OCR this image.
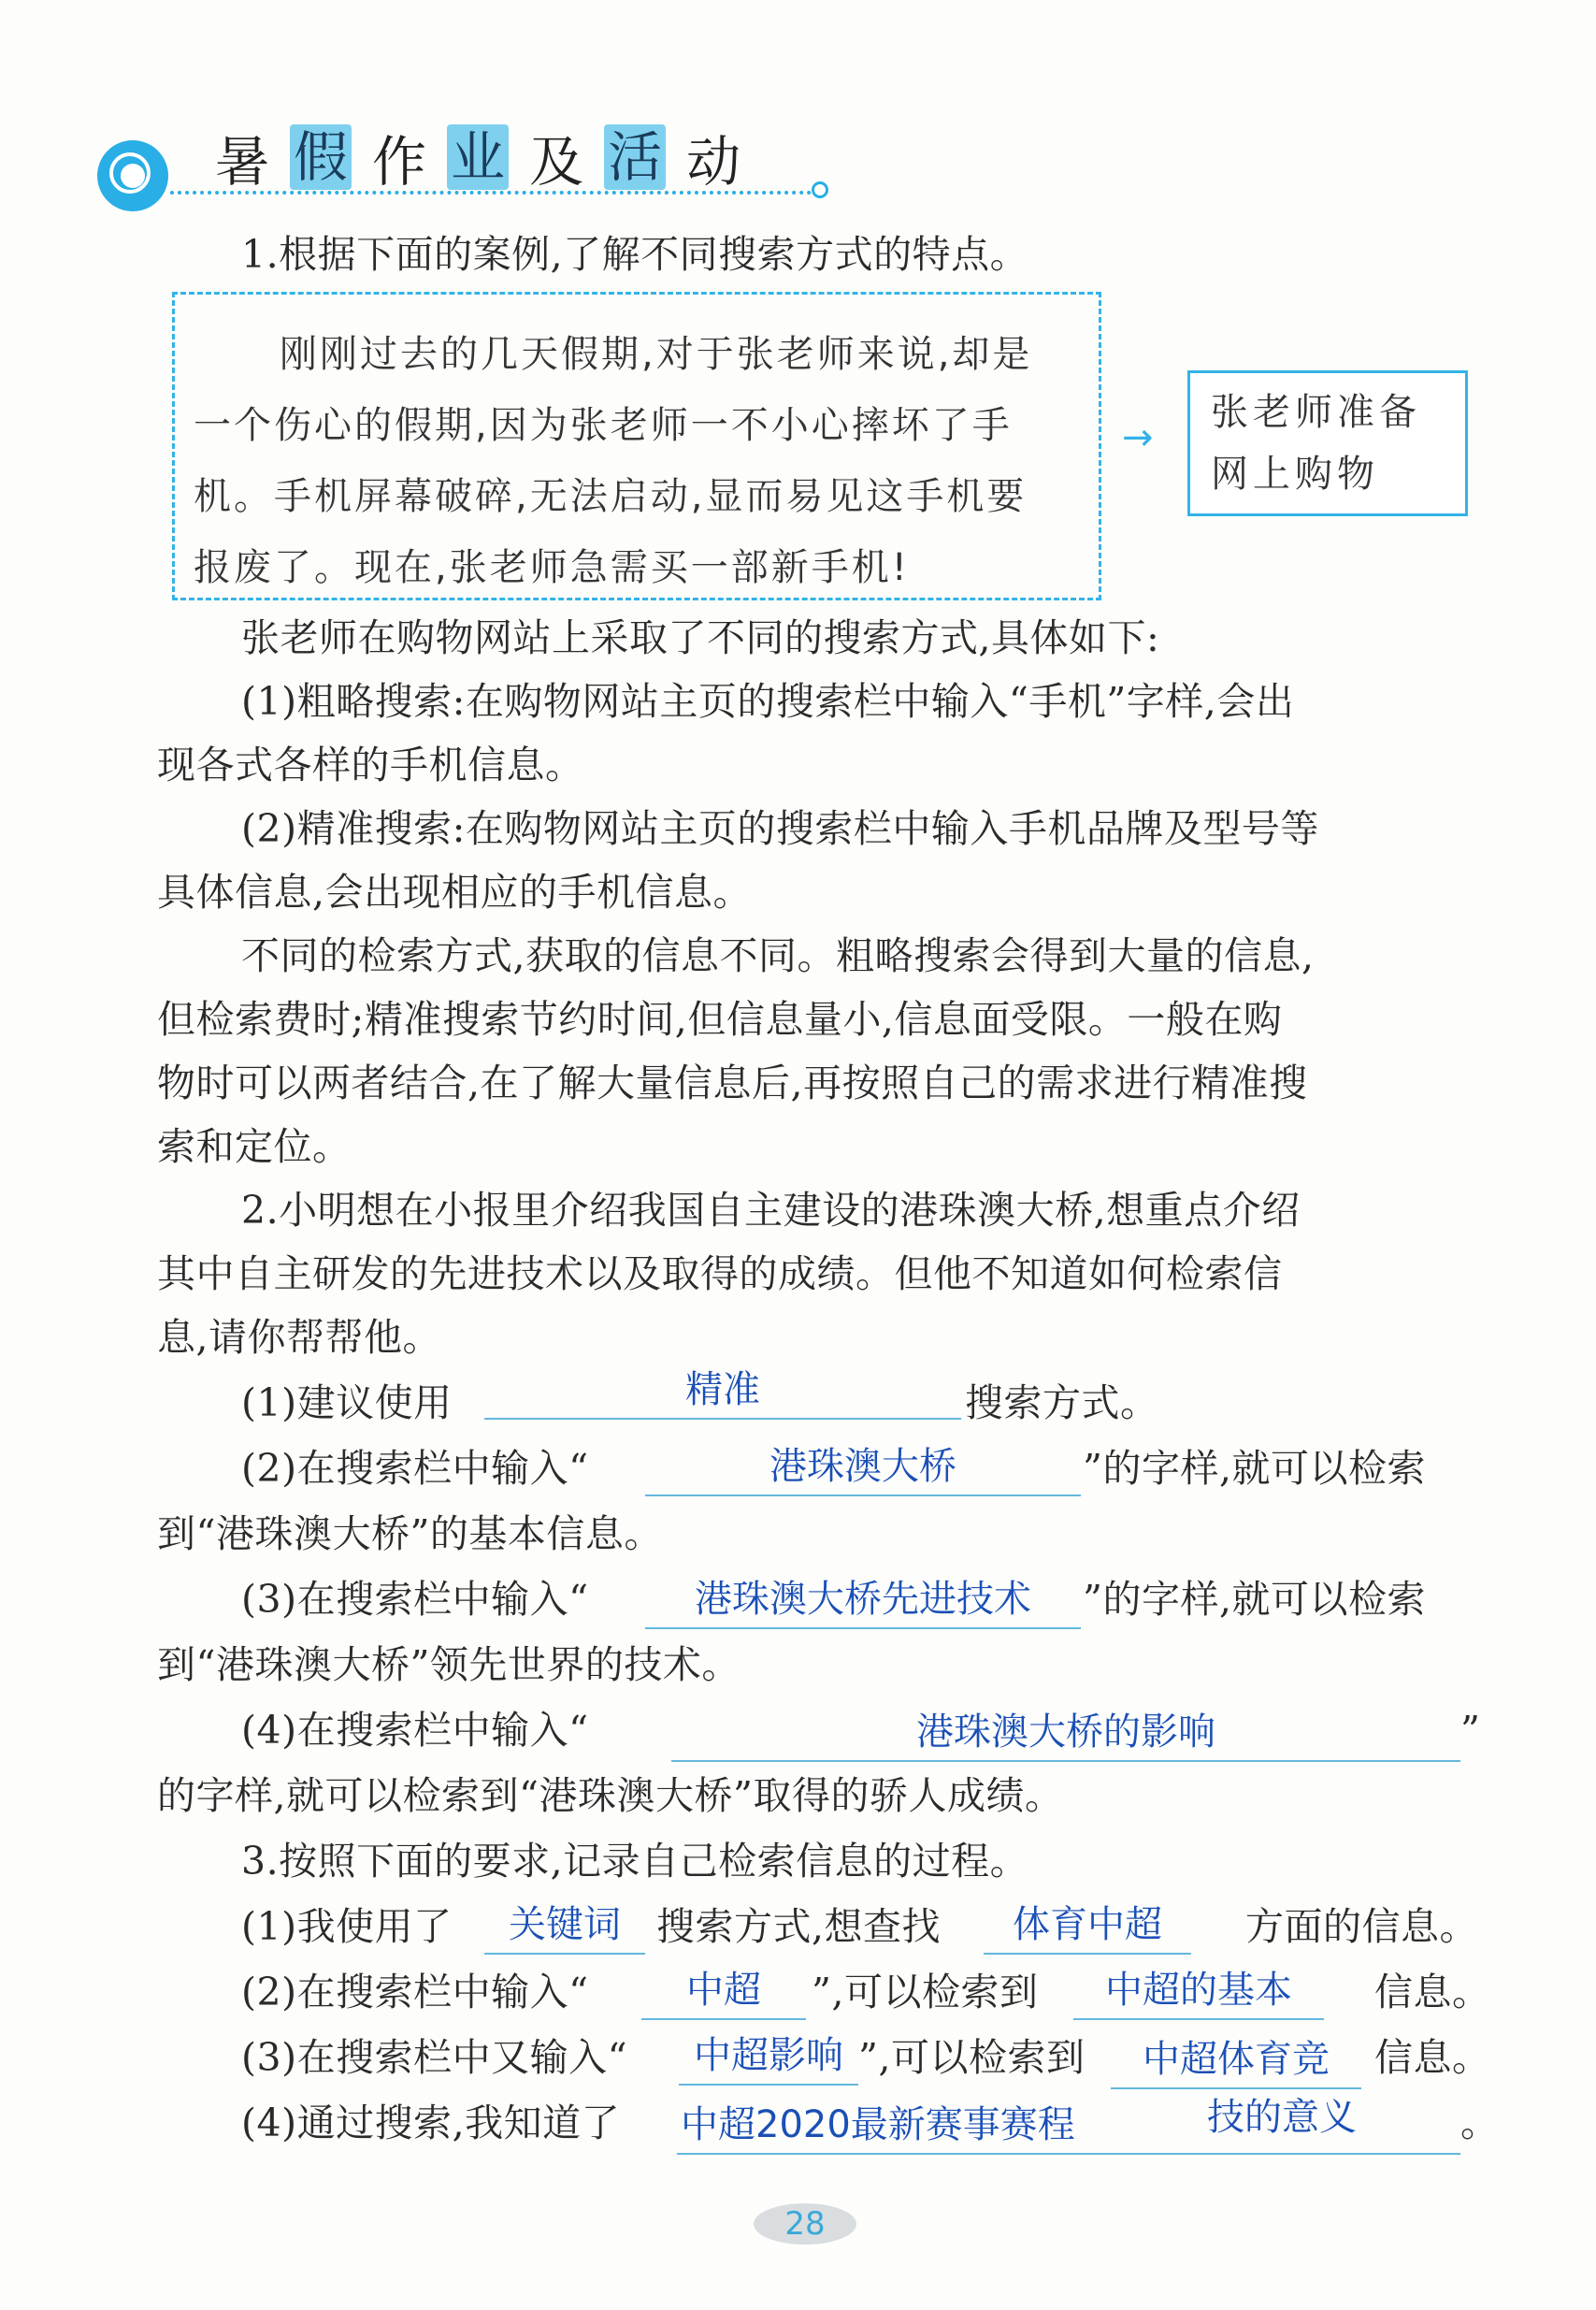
暑 假 作 业 及 活 动
1.根据下面的案例,了解不同搜索方式的特点。
刚刚过去的几天假期,对于张老师来说,却是
一个伤心的假期,因为张老师一不小心摔坏了手
机。手机屏幕破碎,无法启动,显而易见这手机要
报废了。现在,张老师急需买一部新手机!
→
张老师准备
网上购物
张老师在购物网站上采取了不同的搜索方式,具体如下:
(1)粗略搜索:在购物网站主页的搜索栏中输入“手机”字样,会出
现各式各样的手机信息。
(2)精准搜索:在购物网站主页的搜索栏中输入手机品牌及型号等
具体信息,会出现相应的手机信息。
不同的检索方式,获取的信息不同。粗略搜索会得到大量的信息,
但检索费时;精准搜索节约时间,但信息量小,信息面受限。一般在购
物时可以两者结合,在了解大量信息后,再按照自己的需求进行精准搜
索和定位。
2.小明想在小报里介绍我国自主建设的港珠澳大桥,想重点介绍
其中自主研发的先进技术以及取得的成绩。但他不知道如何检索信
息,请你帮帮他。
(1)建议使用	精准	搜索方式。
(2)在搜索栏中输入“	港珠澳大桥	”的字样,就可以检索
到“港珠澳大桥”的基本信息。
(3)在搜索栏中输入“	港珠澳大桥先进技术	”的字样,就可以检索
到“港珠澳大桥”领先世界的技术。
(4)在搜索栏中输入“	港珠澳大桥的影响	”
的字样,就可以检索到“港珠澳大桥”取得的骄人成绩。
3.按照下面的要求,记录自己检索信息的过程。
(1)我使用了	关键词 搜索方式,想查找	体育中超	方面的信息。
(2)在搜索栏中输入“	中超	”,可以检索到	中超的基本	信息。
(3)在搜索栏中又输入“	中超影响 ”,可以检索到	中超体育竞	信息。
(4)通过搜索,我知道了 中超2020最新赛事赛程	技的意义	。
28
